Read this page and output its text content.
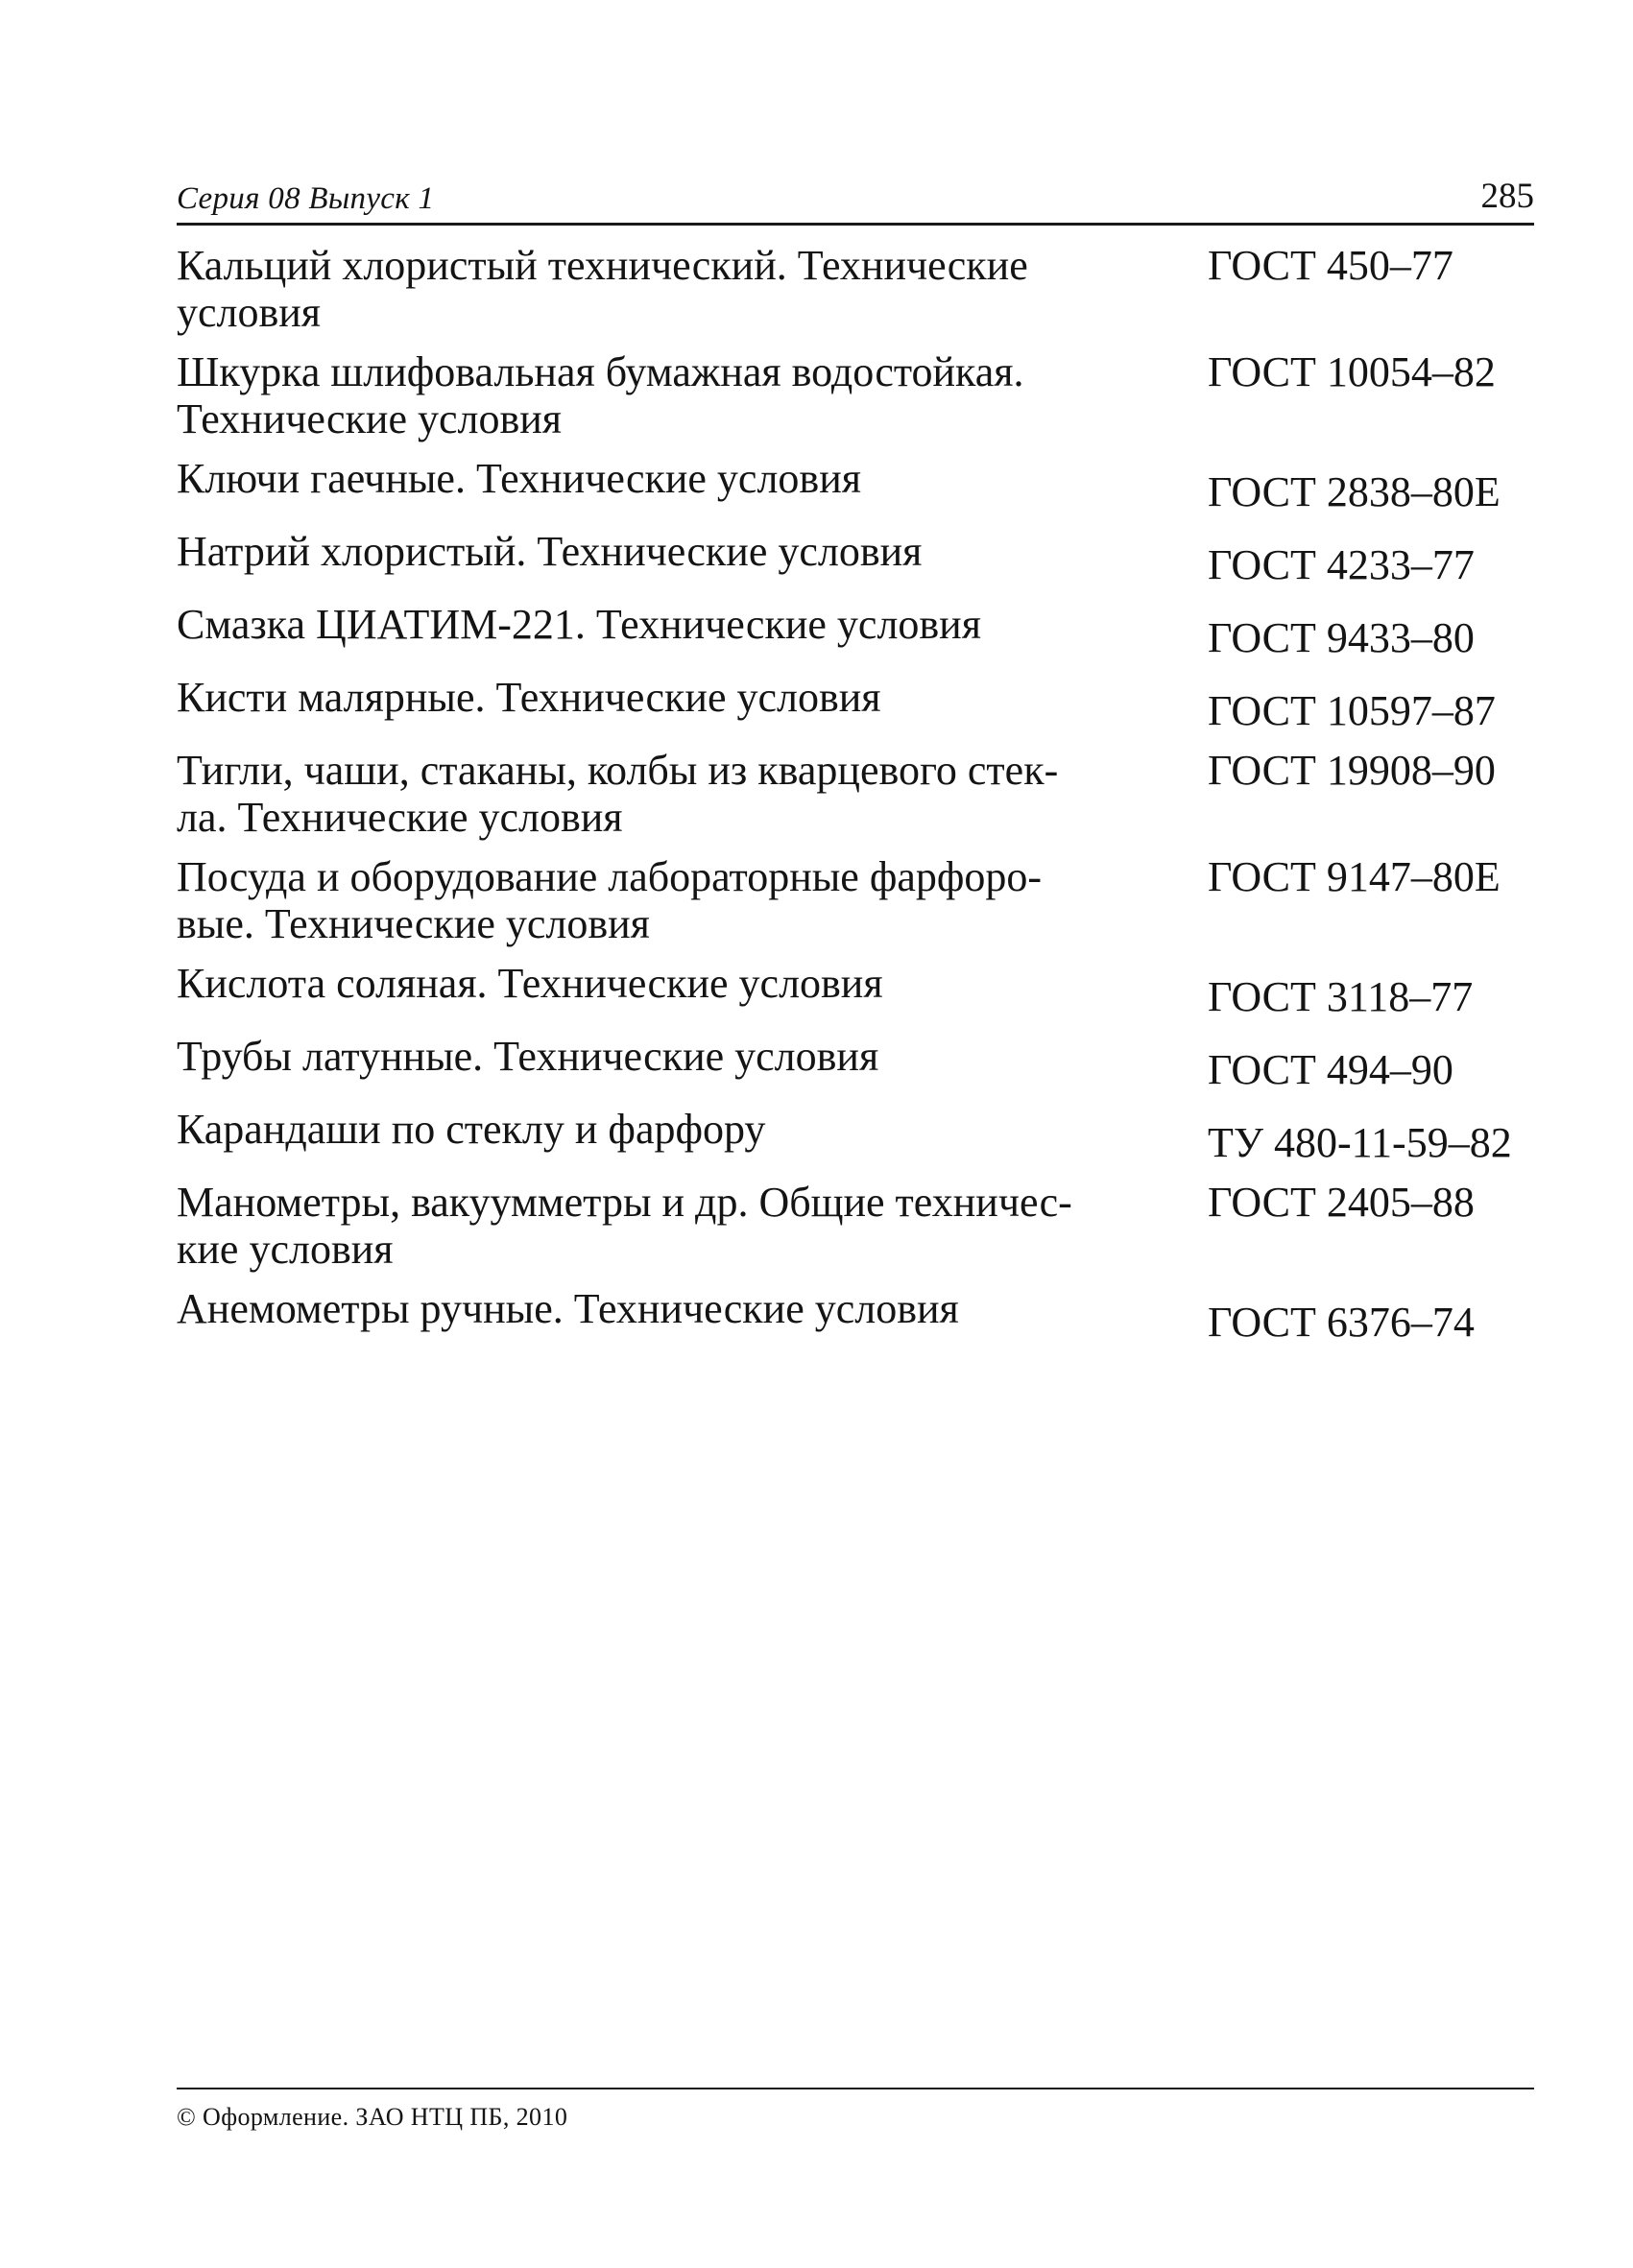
Серия 08 Выпуск 1	285
Кальций хлористый технический. Технические
условия
ГОСТ 450–77
Шкурка шлифовальная бумажная водостойкая.
Технические условия
ГОСТ 10054–82
Ключи гаечные. Технические условия	ГОСТ 2838–80Е
Натрий хлористый. Технические условия	ГОСТ 4233–77
Смазка ЦИАТИМ-221. Технические условия	ГОСТ 9433–80
Кисти малярные. Технические условия	ГОСТ 10597–87
Тигли, чаши, стаканы, колбы из кварцевого стек-
ла. Технические условия
ГОСТ 19908–90
Посуда и оборудование лабораторные фарфоро-
вые. Технические условия
ГОСТ 9147–80Е
Кислота соляная. Технические условия	ГОСТ 3118–77
Трубы латунные. Технические условия	ГОСТ 494–90
Карандаши по стеклу и фарфору	ТУ 480-11-59–82
Манометры, вакуумметры и др. Общие техничес-
кие условия
ГОСТ 2405–88
Анемометры ручные. Технические условия	ГОСТ 6376–74
© Оформление. ЗАО НТЦ ПБ, 2010
